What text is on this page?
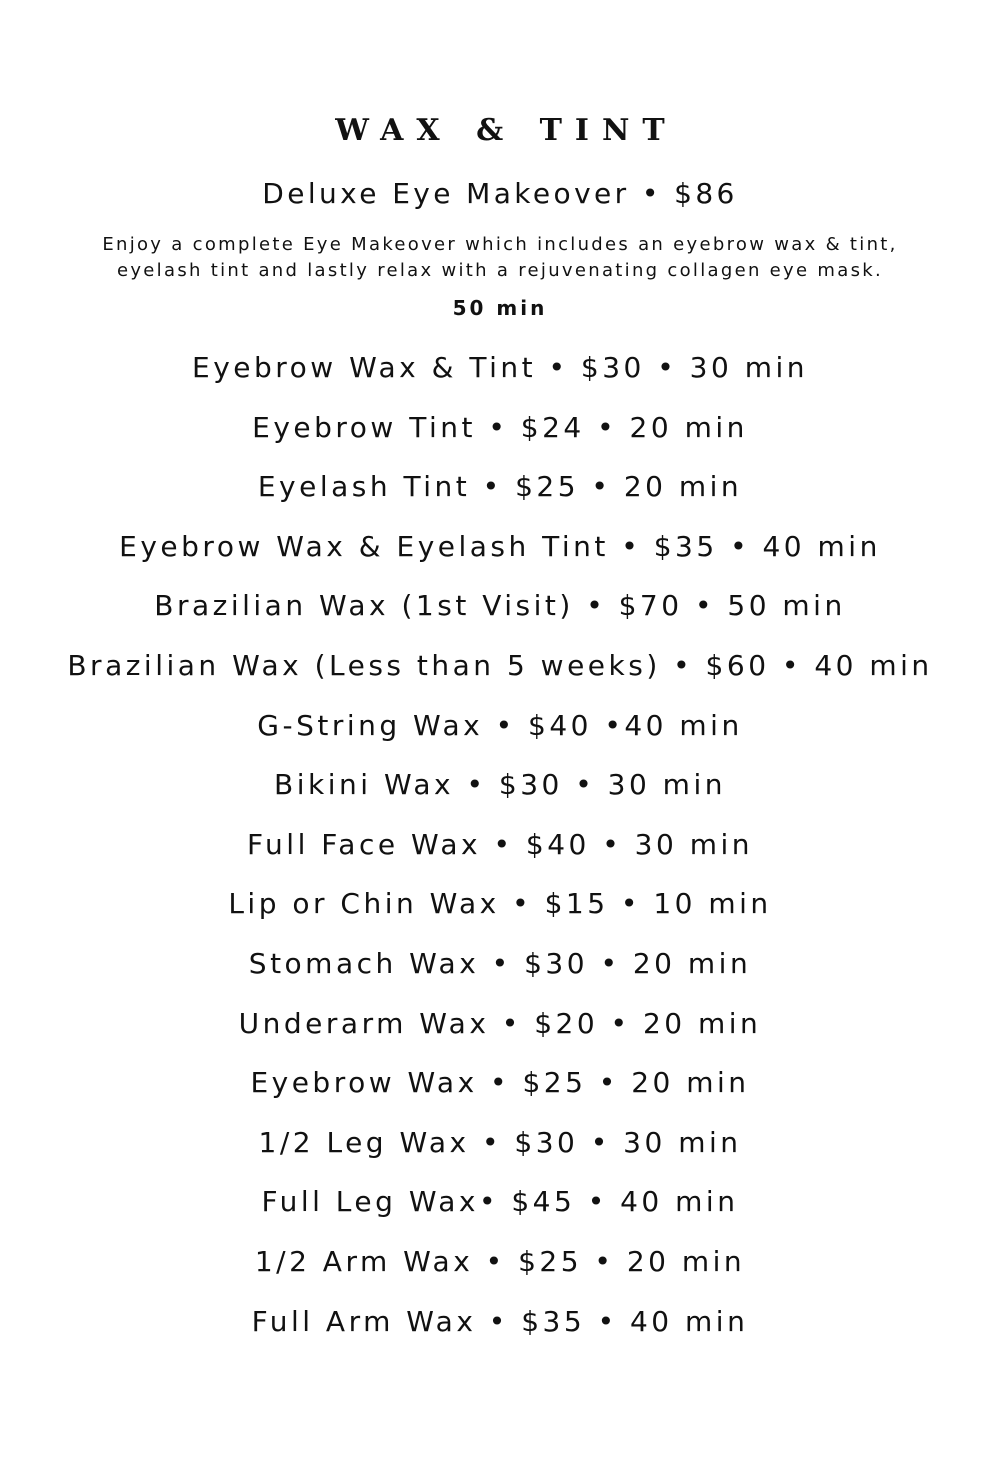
WAX & TINT
Deluxe Eye Makeover • $86
Enjoy a complete Eye Makeover which includes an eyebrow wax & tint,
eyelash tint and lastly relax with a rejuvenating collagen eye mask.
50 min
Eyebrow Wax & Tint • $30 • 30 min
Eyebrow Tint • $24 • 20 min
Eyelash Tint • $25 • 20 min
Eyebrow Wax & Eyelash Tint • $35 • 40 min
Brazilian Wax (1st Visit) • $70 • 50 min
Brazilian Wax (Less than 5 weeks) • $60 • 40 min
G-String Wax • $40 •40 min
Bikini Wax • $30 • 30 min
Full Face Wax • $40 • 30 min
Lip or Chin Wax • $15 • 10 min
Stomach Wax • $30 • 20 min
Underarm Wax • $20 • 20 min
Eyebrow Wax • $25 • 20 min
1/2 Leg Wax • $30 • 30 min
Full Leg Wax• $45 • 40 min
1/2 Arm Wax • $25 • 20 min
Full Arm Wax • $35 • 40 min
